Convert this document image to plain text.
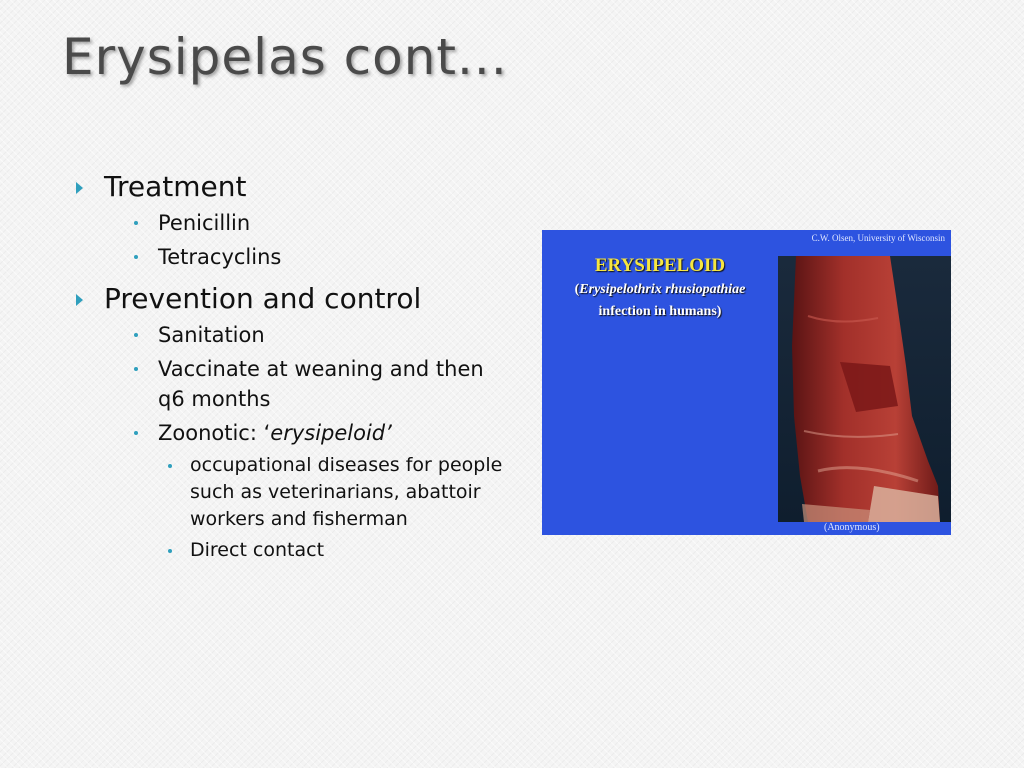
Erysipelas cont...
Treatment
Penicillin
Tetracyclins
Prevention and control
Sanitation
Vaccinate at weaning and then q6 months
Zoonotic: ‘erysipeloid’
occupational diseases for people such as veterinarians, abattoir workers and fisherman
Direct contact
C.W. Olsen, University of Wisconsin
ERYSIPELOID
(Erysipelothrix rhusiopathiae
infection in humans)
(Anonymous)
